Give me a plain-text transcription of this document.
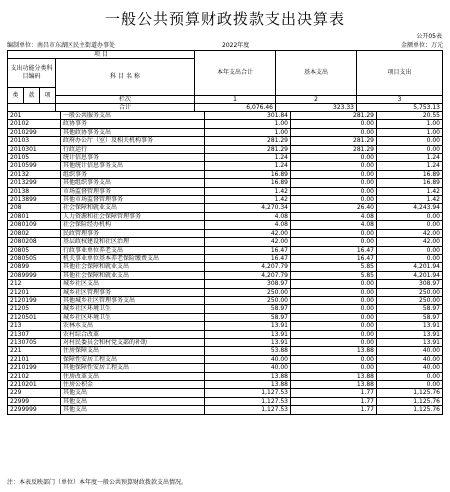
一般公共预算财政拨款支出决算表
公开05表
编制单位：南昌市东湖区民主街道办事处	2022年度	金额单位：万元
项 目
支出功能分类科目编码	科 目 名 称
本年支出合计	基本支出	项目支出
类	款	项
栏次	1	2	3
合计	6,076.46	323.33	5,753.13
201	一般公共服务支出	301.84	281.29	20.55
20102	政协事务	1.00	0.00	1.00
2010299	其他政协事务支出	1.00	0.00	1.00
20103	政府办公厅（室）及相关机构事务	281.29	281.29	0.00
2010301	行政运行	281.29	281.29	0.00
20105	统计信息事务	1.24	0.00	1.24
2010599	其他统计信息事务支出	1.24	0.00	1.24
20132	组织事务	16.89	0.00	16.89
2013299	其他组织事务支出	16.89	0.00	16.89
20138	市场监督管理事务	1.42	0.00	1.42
2013899	其他市场监督管理事务	1.42	0.00	1.42
208	社会保障和就业支出	4,270.34	26.40	4,243.94
20801	人力资源和社会保障管理事务	4.08	4.08	0.00
2080109	社会保险经办机构	4.08	4.08	0.00
20802	民政管理事务	42.00	0.00	42.00
2080208	基层政权建设和社区治理	42.00	0.00	42.00
20805	行政事业单位养老支出	16.47	16.47	0.00
2080505	机关事业单位基本养老保险缴费支出	16.47	16.47	0.00
20899	其他社会保障和就业支出	4,207.79	5.85	4,201.94
2089999	其他社会保障和就业支出	4,207.79	5.85	4,201.94
212	城乡社区支出	308.97	0.00	308.97
21201	城乡社区管理事务	250.00	0.00	250.00
2120199	其他城乡社区管理事务支出	250.00	0.00	250.00
21205	城乡社区环境卫生	58.97	0.00	58.97
2120501	城乡社区环境卫生	58.97	0.00	58.97
213	农林水支出	13.91	0.00	13.91
21307	农村综合改革	13.91	0.00	13.91
2130705	对村民委员会和村党支部的补助	13.91	0.00	13.91
221	住房保障支出	53.88	13.88	40.00
22101	保障性安居工程支出	40.00	0.00	40.00
2210199	其他保障性安居工程支出	40.00	0.00	40.00
22102	住房改革支出	13.88	13.88	0.00
2210201	住房公积金	13.88	13.88	0.00
229	其他支出	1,127.53	1.77	1,125.76
22999	其他支出	1,127.53	1.77	1,125.76
2299999	其他支出	1,127.53	1.77	1,125.76
注：本表反映部门（单位）本年度一般公共预算财政拨款支出情况。
